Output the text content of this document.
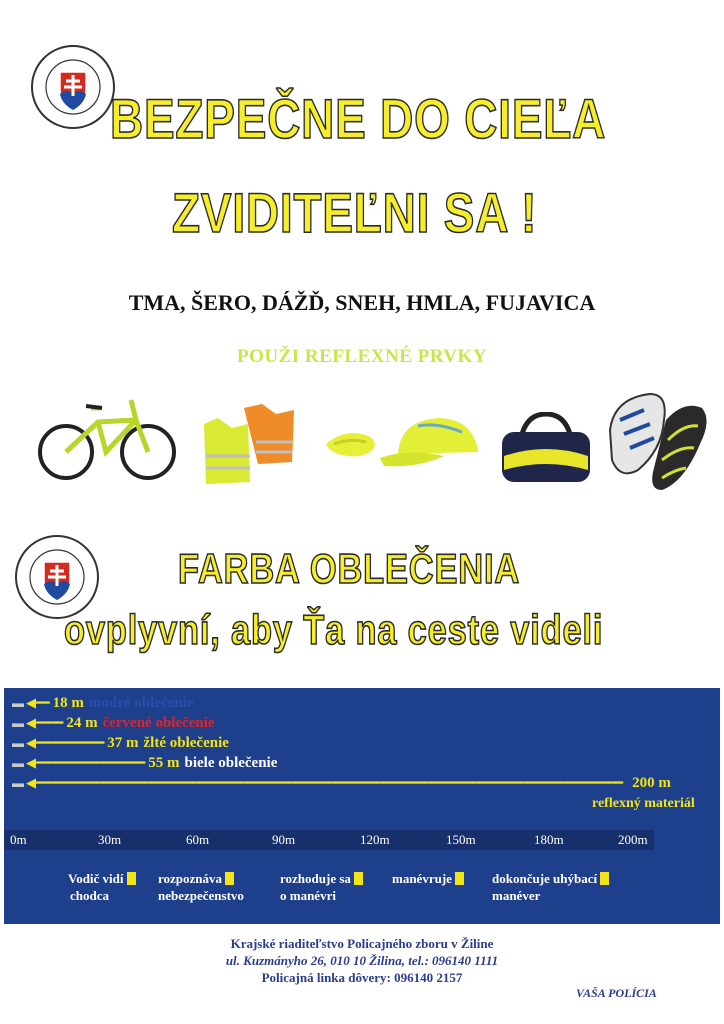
BEZPEČNE DO CIEĽA
ZVIDITEĽNI SA !
TMA, ŠERO, DÁŽĎ, SNEH, HMLA, FUJAVICA
POUŽI REFLEXNÉ PRVKY
FARBA OBLEČENIA
ovplyvní, aby Ťa na ceste videli
▬ ◀━━ 18 m modré oblečenie
▬ ◀━━━━ 24 m červené oblečenie
▬ ◀━━━━━━━━━━ 37 m žlté oblečenie
▬ ◀━━━━━━━━━━━━━━━━ 55 m biele oblečenie
▬ ◀━━━━━━━━━━━━━━━━━━━━━━━━━━━━━━━━━━━━━━━━━━━━━━━━━━━━━━━━━━━━━━━━━━━━━━━━━━━━━━━━━━━━━━ 200 m
reflexný materiál
0m	30m	60m	90m	120m	150m	180m	200m
Vodič vidí
chodca
rozpoznáva
nebezpečenstvo
rozhoduje sa
o manévri
manévruje	dokončuje uhýbací
manéver
Krajské riaditeľstvo Policajného zboru v Žiline
ul. Kuzmányho 26, 010 10 Žilina, tel.: 096140 1111
Policajná linka dôvery: 096140 2157
VAŠA POLÍCIA
